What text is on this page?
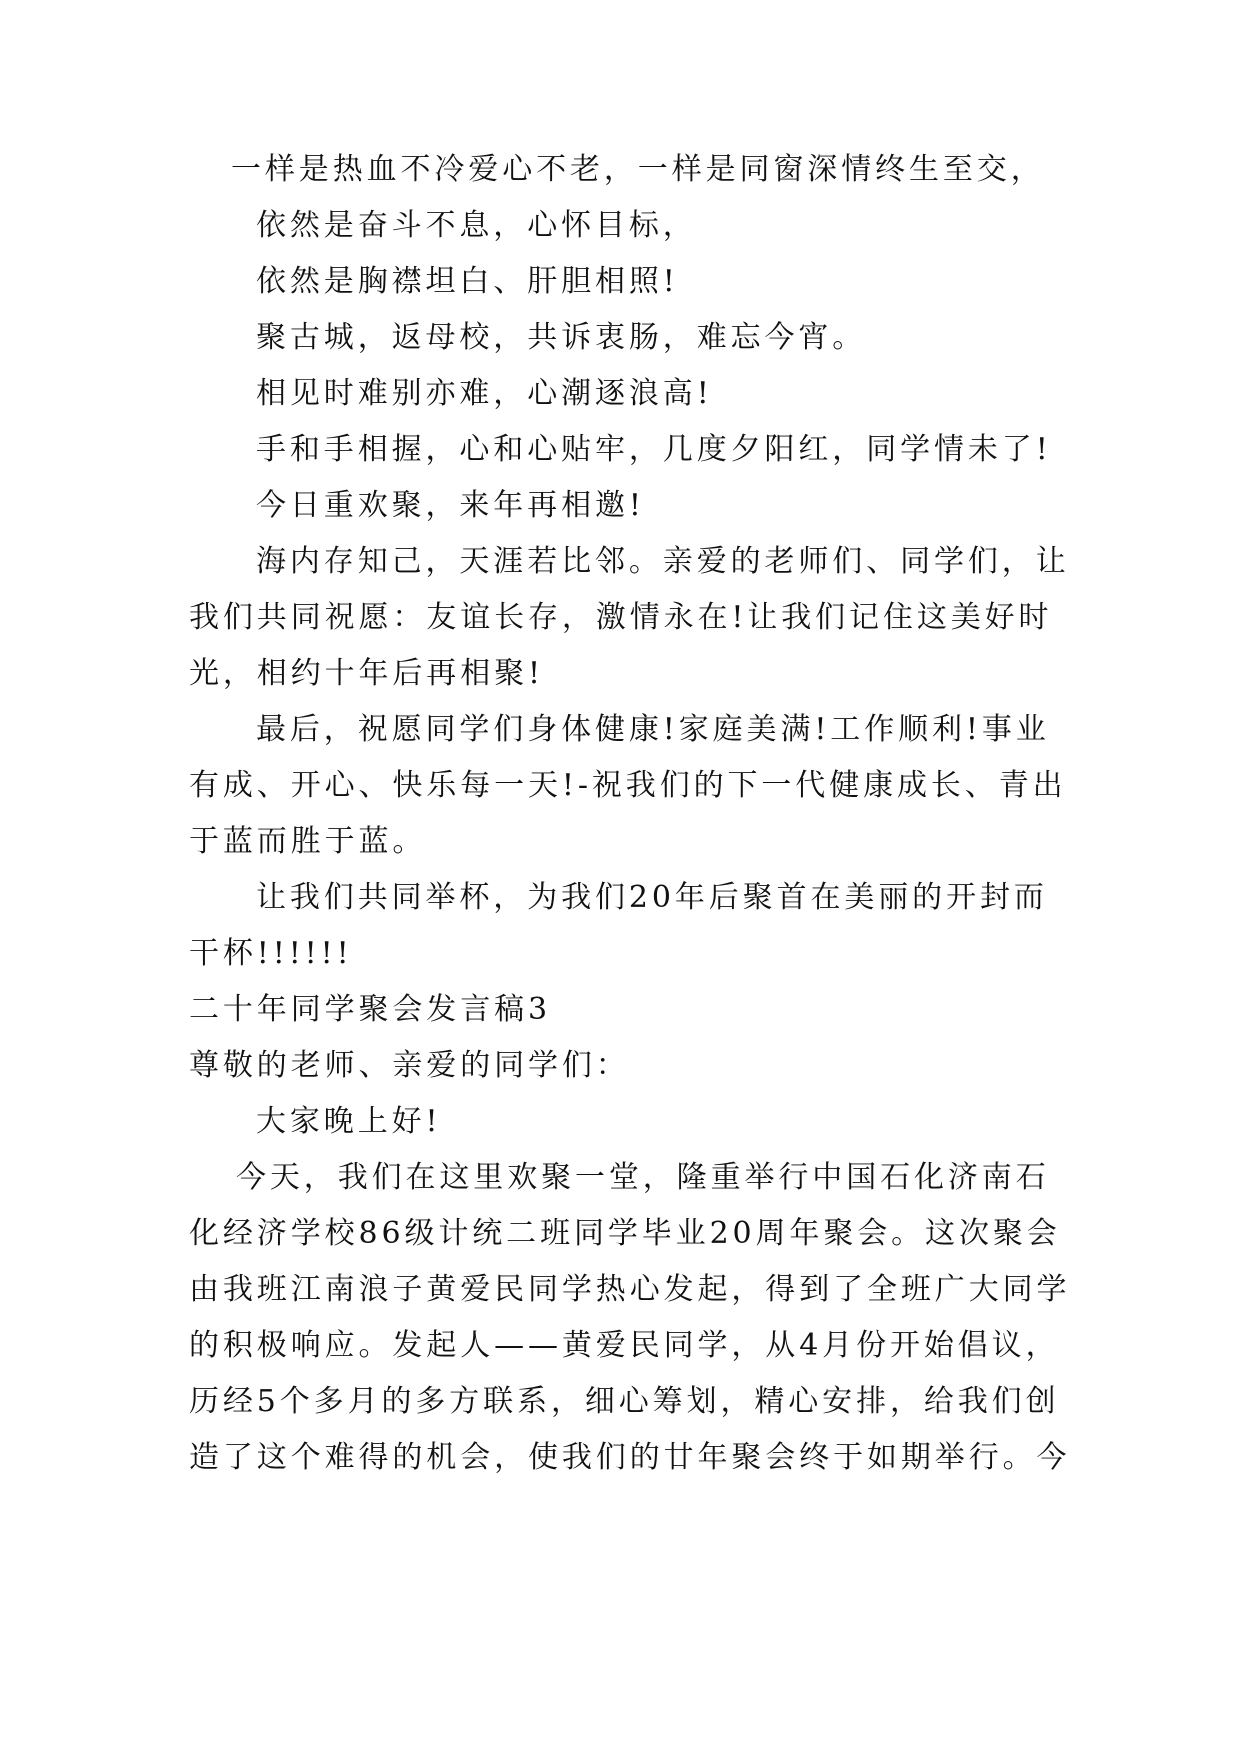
一样是热血不冷爱心不老，一样是同窗深情终生至交，
依然是奋斗不息，心怀目标，
依然是胸襟坦白、肝胆相照!
聚古城，返母校，共诉衷肠，难忘今宵。
相见时难别亦难，心潮逐浪高!
手和手相握，心和心贴牢，几度夕阳红，同学情未了!
今日重欢聚，来年再相邀!
海内存知己，天涯若比邻。亲爱的老师们、同学们，让
我们共同祝愿：友谊长存，激情永在!让我们记住这美好时
光，相约十年后再相聚!
最后，祝愿同学们身体健康!家庭美满!工作顺利!事业
有成、开心、快乐每一天!-祝我们的下一代健康成长、青出
于蓝而胜于蓝。
让我们共同举杯，为我们20年后聚首在美丽的开封而
干杯!!!!!!
二十年同学聚会发言稿3
尊敬的老师、亲爱的同学们：
大家晚上好!
今天，我们在这里欢聚一堂，隆重举行中国石化济南石
化经济学校86级计统二班同学毕业20周年聚会。这次聚会
由我班江南浪子黄爱民同学热心发起，得到了全班广大同学
的积极响应。发起人——黄爱民同学，从4月份开始倡议，
历经5个多月的多方联系，细心筹划，精心安排，给我们创
造了这个难得的机会，使我们的廿年聚会终于如期举行。今
